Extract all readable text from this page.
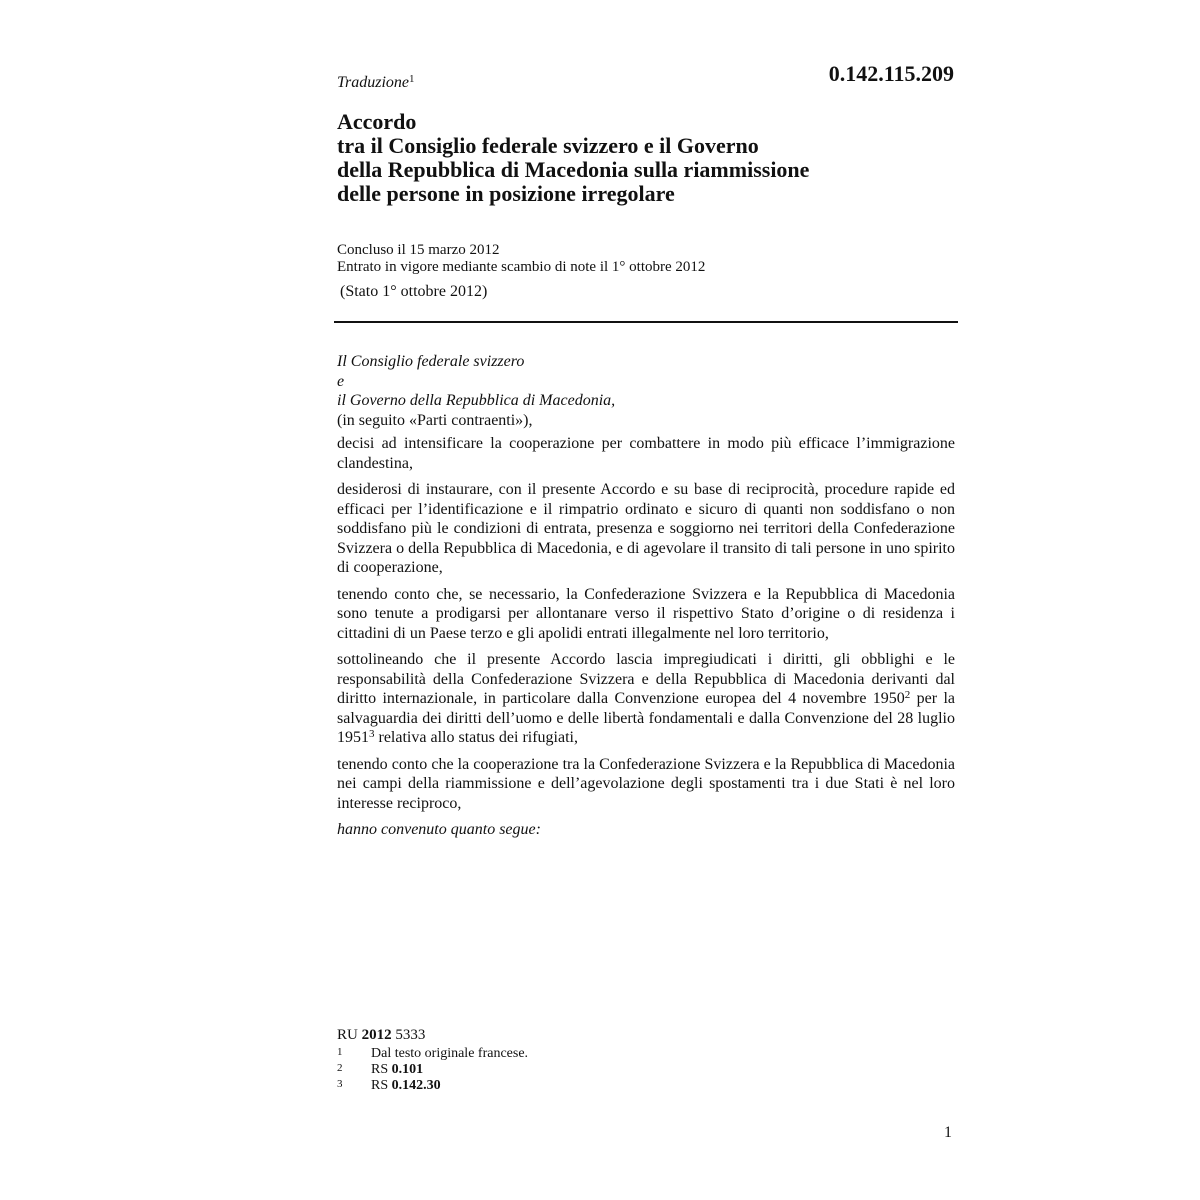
Traduzione$^1$	0.142.115.209
Accordo
tra il Consiglio federale svizzero e il Governo
della Repubblica di Macedonia sulla riammissione
delle persone in posizione irregolare
Concluso il 15 marzo 2012
Entrato in vigore mediante scambio di note il 1° ottobre 2012
(Stato 1° ottobre 2012)
Il Consiglio federale svizzero
e
il Governo della Repubblica di Macedonia,
(in seguito «Parti contraenti»),

decisi ad intensificare la cooperazione per combattere in modo più efficace l’immigrazione clandestina,

desiderosi di instaurare, con il presente Accordo e su base di reciprocità, procedure rapide ed efficaci per l’identificazione e il rimpatrio ordinato e sicuro di quanti non soddisfano o non soddisfano più le condizioni di entrata, presenza e soggiorno nei territori della Confederazione Svizzera o della Repubblica di Macedonia, e di agevolare il transito di tali persone in uno spirito di cooperazione,

tenendo conto che, se necessario, la Confederazione Svizzera e la Repubblica di Macedonia sono tenute a prodigarsi per allontanare verso il rispettivo Stato d’origine o di residenza i cittadini di un Paese terzo e gli apolidi entrati illegalmente nel loro territorio,

sottolineando che il presente Accordo lascia impregiudicati i diritti, gli obblighi e le responsabilità della Confederazione Svizzera e della Repubblica di Macedonia derivanti dal diritto internazionale, in particolare dalla Convenzione europea del 4 novembre 1950$^2$ per la salvaguardia dei diritti dell’uomo e delle libertà fondamentali e dalla Convenzione del 28 luglio 1951$^3$ relativa allo status dei rifugiati,

tenendo conto che la cooperazione tra la Confederazione Svizzera e la Repubblica di Macedonia nei campi della riammissione e dell’agevolazione degli spostamenti tra i due Stati è nel loro interesse reciproco,

hanno convenuto quanto segue:
RU 2012 5333
1	Dal testo originale francese.
2	RS 0.101
3	RS 0.142.30
1
